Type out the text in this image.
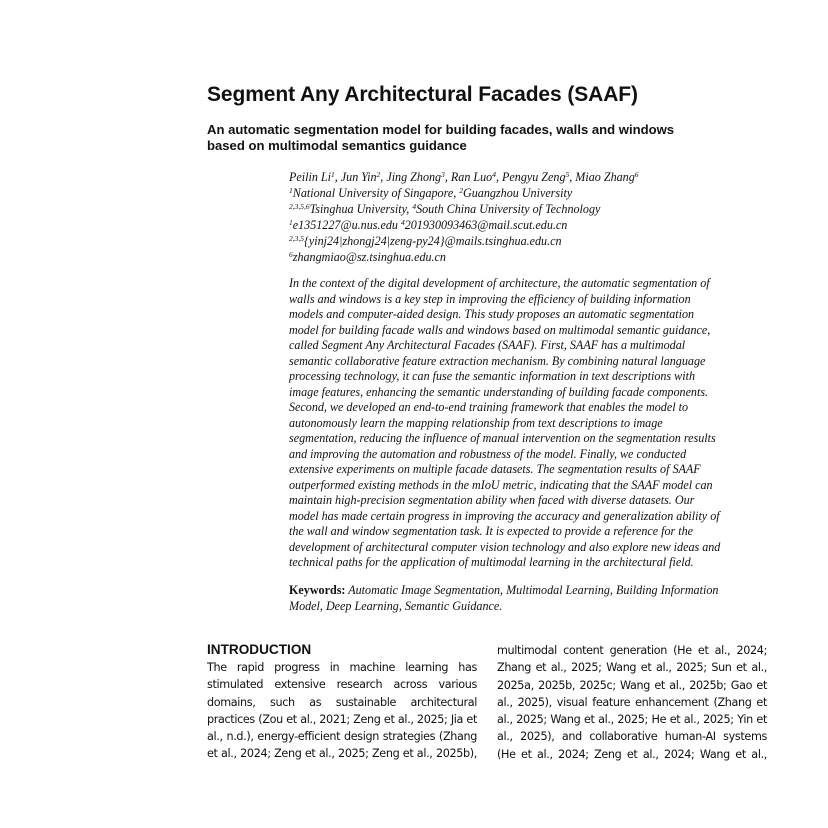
Segment Any Architectural Facades (SAAF)
An automatic segmentation model for building facades, walls and windows
based on multimodal semantics guidance
Peilin Li$^1$, Jun Yin$^2$, Jing Zhong$^3$, Ran Luo$^4$, Pengyu Zeng$^5$, Miao Zhang$^6$
$^1$National University of Singapore, $^2$Guangzhou University
$^{2,3,5,6}$Tsinghua University, $^4$South China University of Technology
$^1$e1351227@u.nus.edu $^4$201930093463@mail.scut.edu.cn
$^{2,3,5}${yinj24|zhongj24|zeng-py24}@mails.tsinghua.edu.cn
$^6$zhangmiao@sz.tsinghua.edu.cn
In the context of the digital development of architecture, the automatic segmentation of
walls and windows is a key step in improving the efficiency of building information
models and computer-aided design. This study proposes an automatic segmentation
model for building facade walls and windows based on multimodal semantic guidance,
called Segment Any Architectural Facades (SAAF). First, SAAF has a multimodal
semantic collaborative feature extraction mechanism. By combining natural language
processing technology, it can fuse the semantic information in text descriptions with
image features, enhancing the semantic understanding of building facade components.
Second, we developed an end-to-end training framework that enables the model to
autonomously learn the mapping relationship from text descriptions to image
segmentation, reducing the influence of manual intervention on the segmentation results
and improving the automation and robustness of the model. Finally, we conducted
extensive experiments on multiple facade datasets. The segmentation results of SAAF
outperformed existing methods in the mIoU metric, indicating that the SAAF model can
maintain high-precision segmentation ability when faced with diverse datasets. Our
model has made certain progress in improving the accuracy and generalization ability of
the wall and window segmentation task. It is expected to provide a reference for the
development of architectural computer vision technology and also explore new ideas and
technical paths for the application of multimodal learning in the architectural field.
Keywords: Automatic Image Segmentation, Multimodal Learning, Building Information
Model, Deep Learning, Semantic Guidance.
INTRODUCTION
The rapid progress in machine learning has
stimulated extensive research across various
domains, such as sustainable architectural
practices (Zou et al., 2021; Zeng et al., 2025; Jia et
al., n.d.), energy-efficient design strategies (Zhang
et al., 2024; Zeng et al., 2025; Zeng et al., 2025b),
multimodal content generation (He et al., 2024;
Zhang et al., 2025; Wang et al., 2025; Sun et al.,
2025a, 2025b, 2025c; Wang et al., 2025b; Gao et
al., 2025), visual feature enhancement (Zhang et
al., 2025; Wang et al., 2025; He et al., 2025; Yin et
al., 2025), and collaborative human-AI systems
(He et al., 2024; Zeng et al., 2024; Wang et al.,
